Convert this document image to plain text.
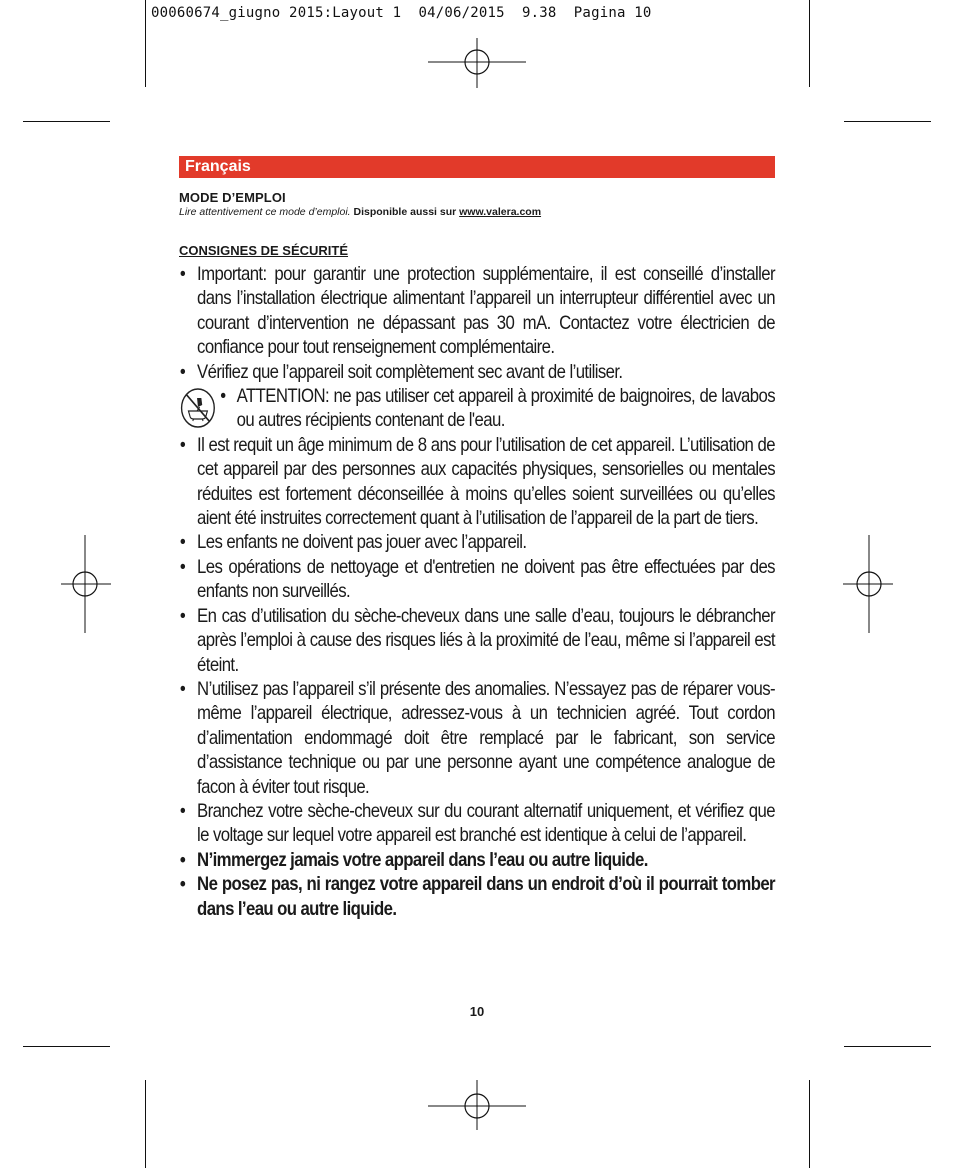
00060674_giugno 2015:Layout 1  04/06/2015  9.38  Pagina 10
Français
MODE D’EMPLOI
Lire attentivement ce mode d’emploi. Disponible aussi sur www.valera.com
CONSIGNES DE SÉCURITÉ
• Important: pour garantir une protection supplémentaire, il est conseillé d’installer dans l’installation électrique alimentant l’appareil un interrupteur différentiel avec un courant d’intervention ne dépassant pas 30 mA. Contactez votre électricien de confiance pour tout renseignement complémentaire.
• Vérifiez que l’appareil soit complètement sec avant de l’utiliser.
• ATTENTION: ne pas utiliser cet appareil à proximité de baignoires, de lavabos ou autres récipients contenant de l'eau.
• Il est requit un âge minimum de 8 ans pour l’utilisation de cet appareil. L’utilisation de cet appareil par des personnes aux capacités physiques, sensorielles ou mentales réduites est fortement déconseillée à moins qu’elles soient surveillées ou qu’elles aient été instruites correctement quant à l’utilisation de l’appareil de la part de tiers.
• Les enfants ne doivent pas jouer avec l’appareil.
• Les opérations de nettoyage et d'entretien ne doivent pas être effectuées par des enfants non surveillés.
• En cas d’utilisation du sèche-cheveux dans une salle d’eau, toujours le débrancher après l’emploi à cause des risques liés à la proximité de l’eau, même si l’appareil est éteint.
• N’utilisez pas l’appareil s’il présente des anomalies. N’essayez pas de réparer vous-même l’appareil électrique, adressez-vous à un technicien agréé. Tout cordon d’alimentation endommagé doit être remplacé par le fabricant, son service d’assistance technique ou par une personne ayant une compétence analogue de facon à éviter tout risque.
• Branchez votre sèche-cheveux sur du courant alternatif uniquement, et vérifiez que le voltage sur lequel votre appareil est branché est identique à celui de l’appareil.
• N’immergez jamais votre appareil dans l’eau ou autre liquide.
• Ne posez pas, ni rangez votre appareil dans un endroit d’où il pourrait tomber dans l’eau ou autre liquide.
10
